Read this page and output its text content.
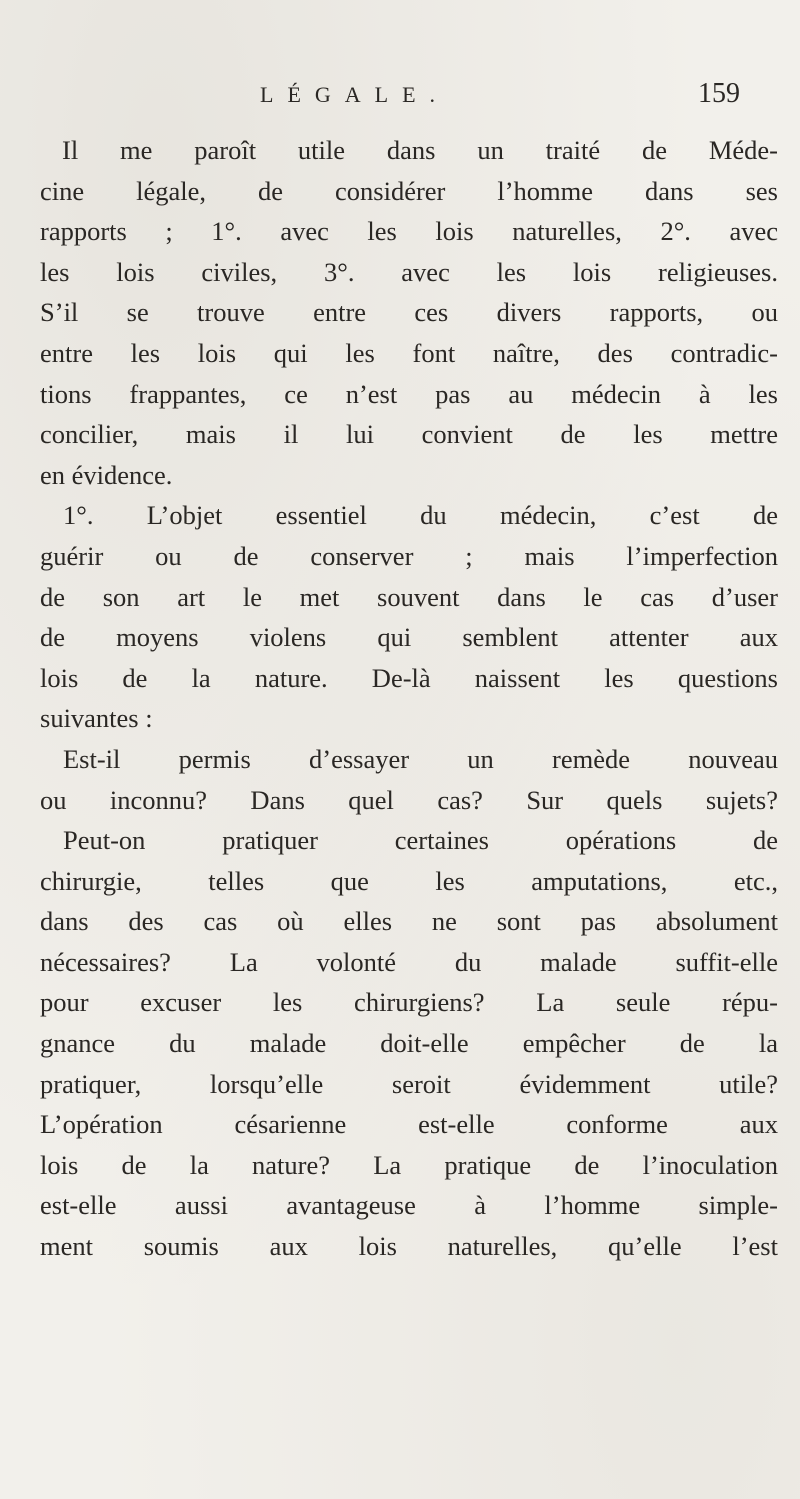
LÉGALE.	159
Il me paroît utile dans un traité de Méde-
cine légale, de considérer l’homme dans ses
rapports ; 1°. avec les lois naturelles, 2°. avec
les lois civiles, 3°. avec les lois religieuses.
S’il se trouve entre ces divers rapports, ou
entre les lois qui les font naître, des contradic-
tions frappantes, ce n’est pas au médecin à les
concilier, mais il lui convient de les mettre
en évidence.
1°. L’objet essentiel du médecin, c’est de
guérir ou de conserver ; mais l’imperfection
de son art le met souvent dans le cas d’user
de moyens violens qui semblent attenter aux
lois de la nature. De-là naissent les questions
suivantes :
Est-il permis d’essayer un remède nouveau
ou inconnu? Dans quel cas? Sur quels sujets?
Peut-on pratiquer certaines opérations de
chirurgie, telles que les amputations, etc.,
dans des cas où elles ne sont pas absolument
nécessaires? La volonté du malade suffit-elle
pour excuser les chirurgiens? La seule répu-
gnance du malade doit-elle empêcher de la
pratiquer, lorsqu’elle seroit évidemment utile?
L’opération césarienne est-elle conforme aux
lois de la nature? La pratique de l’inoculation
est-elle aussi avantageuse à l’homme simple-
ment soumis aux lois naturelles, qu’elle l’est
